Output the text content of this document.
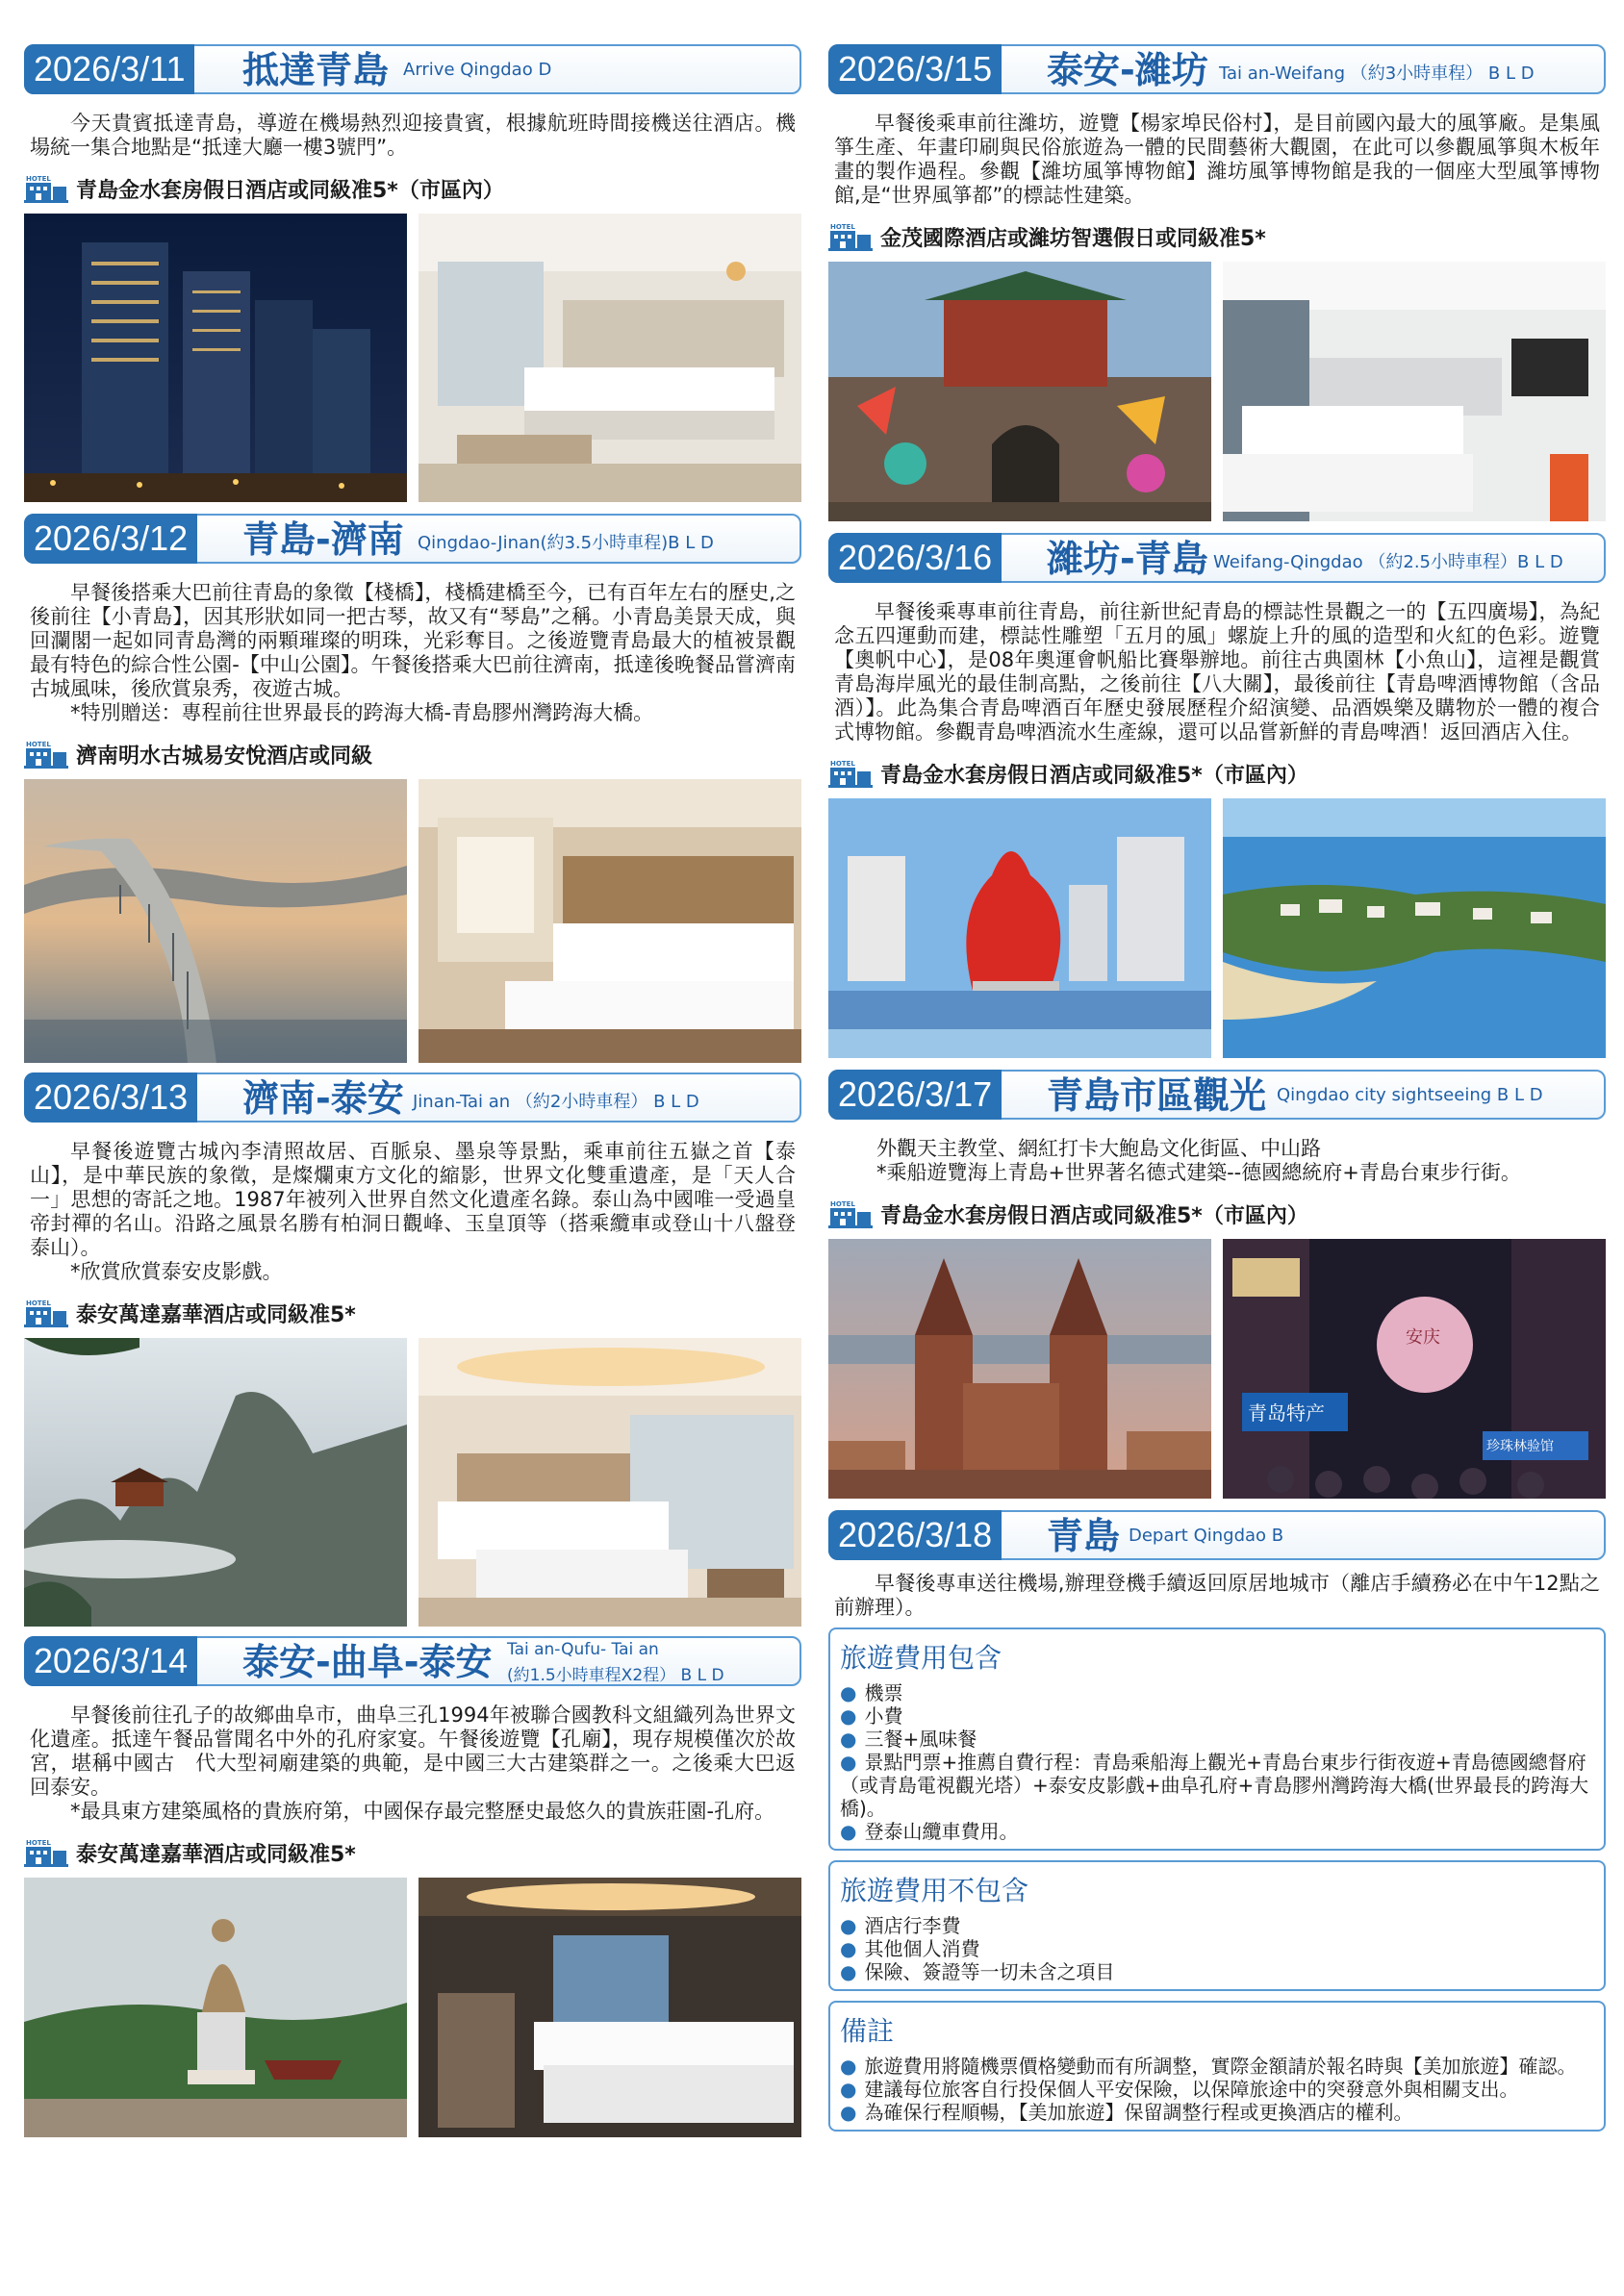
2026/3/11 抵達青島 Arrive Qingdao D

今天貴賓抵達青島，導遊在機場熱烈迎接貴賓，根據航班時間接機送往酒店。機場統一集合地點是“抵達大廳一樓3號門”。

HOTEL 青島金水套房假日酒店或同級准5*（市區內）
2026/3/12 青島-濟南 Qingdao-Jinan(約3.5小時車程)B L D

早餐後搭乘大巴前往青島的象徵【棧橋】，棧橋建橋至今，已有百年左右的歷史,之後前往【小青島】，因其形狀如同一把古琴，故又有“琴島”之稱。小青島美景天成，與回瀾閣一起如同青島灣的兩顆璀璨的明珠，光彩奪目。之後遊覽青島最大的植被景觀最有特色的綜合性公園-【中山公園】。午餐後搭乘大巴前往濟南，抵達後晚餐品嘗濟南古城風味，後欣賞泉秀，夜遊古城。

*特別贈送：專程前往世界最長的跨海大橋-青島膠州灣跨海大橋。

HOTEL 濟南明水古城易安悅酒店或同級
2026/3/13 濟南-泰安 Jinan-Tai an （約2小時車程） B L D

早餐後遊覽古城內李清照故居、百脈泉、墨泉等景點，乘車前往五嶽之首【泰山】，是中華民族的象徵，是燦爛東方文化的縮影，世界文化雙重遺產，是「天人合一」思想的寄託之地。1987年被列入世界自然文化遺產名錄。泰山為中國唯一受過皇帝封禪的名山。沿路之風景名勝有柏洞日觀峰、玉皇頂等（搭乘纜車或登山十八盤登泰山）。

*欣賞欣賞泰安皮影戲。

HOTEL 泰安萬達嘉華酒店或同級准5*
2026/3/14 泰安-曲阜-泰安 Tai an-Qufu- Tai an
(約1.5小時車程X2程） B L D

早餐後前往孔子的故鄉曲阜市，曲阜三孔1994年被聯合國教科文組織列為世界文化遺產。抵達午餐品嘗聞名中外的孔府家宴。午餐後遊覽【孔廟】，現存規模僅次於故宮，堪稱中國古　代大型祠廟建築的典範，是中國三大古建築群之一。之後乘大巴返回泰安。

*最具東方建築風格的貴族府第，中國保存最完整歷史最悠久的貴族莊園-孔府。

HOTEL 泰安萬達嘉華酒店或同級准5*
2026/3/15 泰安-濰坊 Tai an-Weifang （約3小時車程） B L D

早餐後乘車前往濰坊，遊覽【楊家埠民俗村】，是目前國內最大的風箏廠。是集風箏生產、年畫印刷與民俗旅遊為一體的民間藝術大觀園，在此可以參觀風箏與木板年畫的製作過程。參觀【濰坊風箏博物館】濰坊風箏博物館是我的一個座大型風箏博物館,是“世界風箏都”的標誌性建築。

HOTEL 金茂國際酒店或濰坊智選假日或同級准5*
2026/3/16 濰坊-青島 Weifang-Qingdao （約2.5小時車程）B L D

早餐後乘專車前往青島，前往新世紀青島的標誌性景觀之一的【五四廣場】，為紀念五四運動而建，標誌性雕塑「五月的風」螺旋上升的風的造型和火紅的色彩。遊覽【奧帆中心】，是08年奧運會帆船比賽舉辦地。前往古典園林【小魚山】，這裡是觀賞青島海岸風光的最佳制高點，之後前往【八大關】，最後前往【青島啤酒博物館（含品酒）】。此為集合青島啤酒百年歷史發展歷程介紹演變、品酒娛樂及購物於一體的複合式博物館。參觀青島啤酒流水生產線，還可以品嘗新鮮的青島啤酒！返回酒店入住。

HOTEL 青島金水套房假日酒店或同級准5*（市區內）
2026/3/17 青島市區觀光 Qingdao city sightseeing B L D

外觀天主教堂、網紅打卡大鮑島文化街區、中山路

*乘船遊覽海上青島+世界著名德式建築--德國總統府+青島台東步行街。

HOTEL 青島金水套房假日酒店或同級准5*（市區內）
青岛特产
安庆
珍珠林验馆
2026/3/18 青島 Depart Qingdao B

早餐後專車送往機場,辦理登機手續返回原居地城市（離店手續務必在中午12點之前辦理）。

旅遊費用包含
● 機票
● 小費
● 三餐+風味餐
● 景點門票+推薦自費行程：青島乘船海上觀光+青島台東步行街夜遊+青島德國總督府（或青島電視觀光塔）+泰安皮影戲+曲阜孔府+青島膠州灣跨海大橋(世界最長的跨海大橋)。
● 登泰山纜車費用。
旅遊費用不包含
● 酒店行李費
● 其他個人消費
● 保險、簽證等一切未含之項目
備註
● 旅遊費用將隨機票價格變動而有所調整，實際金額請於報名時與【美加旅遊】確認。
● 建議每位旅客自行投保個人平安保險，以保障旅途中的突發意外與相關支出。
● 為確保行程順暢，【美加旅遊】保留調整行程或更換酒店的權利。
